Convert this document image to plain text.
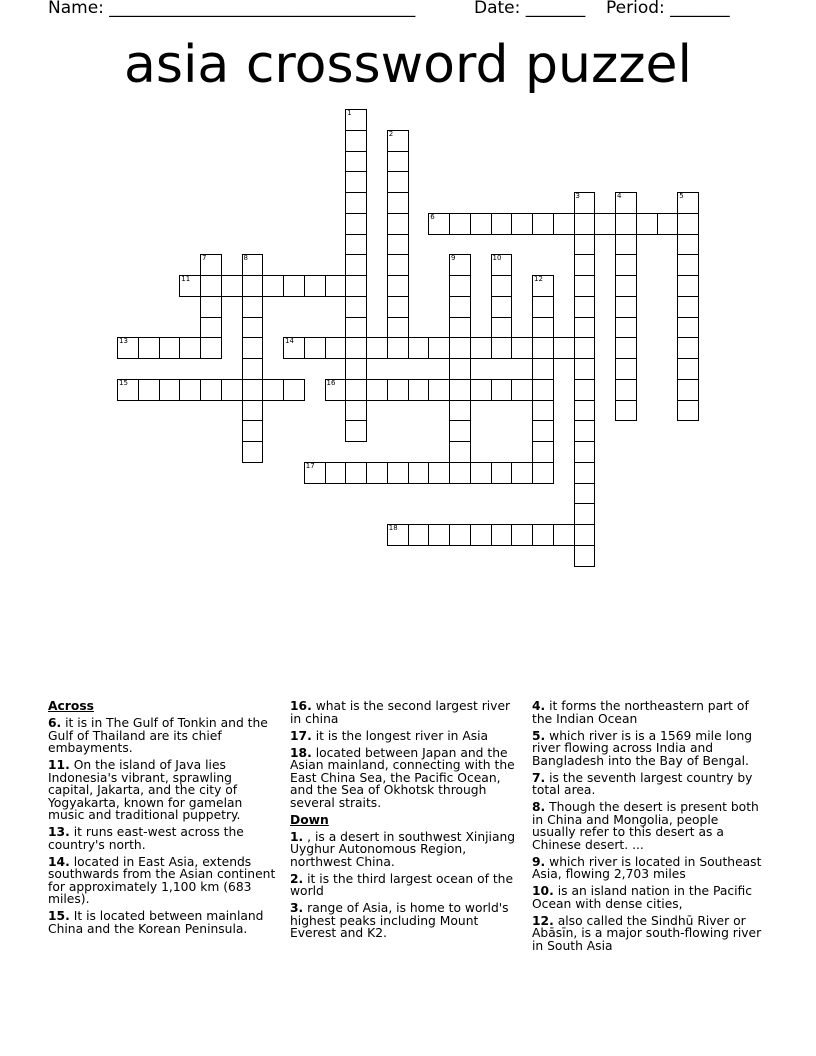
Name: ____________________________________	Date: _______ Period: _______
asia crossword puzzel
1
2
3	4	5
6
7	8	9	10
11	12
13	14
15	16
17
18

Across

6. it is in The Gulf of Tonkin and the Gulf of Thailand are its chief embayments.

11. On the island of Java lies Indonesia's vibrant, sprawling capital, Jakarta, and the city of Yogyakarta, known for gamelan music and traditional puppetry.

13. it runs east-west across the country's north.

14. located in East Asia, extends southwards from the Asian continent for approximately 1,100 km (683 miles).

15. It is located between mainland China and the Korean Peninsula.

16. what is the second largest river in china

17. it is the longest river in Asia

18. located between Japan and the Asian mainland, connecting with the East China Sea, the Pacific Ocean, and the Sea of Okhotsk through several straits.

Down

1. , is a desert in southwest Xinjiang Uyghur Autonomous Region, northwest China.

2. it is the third largest ocean of the world

3. range of Asia, is home to world's highest peaks including Mount Everest and K2.

4. it forms the northeastern part of the Indian Ocean

5. which river is is a 1569 mile long river flowing across India and Bangladesh into the Bay of Bengal.

7. is the seventh largest country by total area.

8. Though the desert is present both in China and Mongolia, people usually refer to this desert as a Chinese desert. ...

9. which river is located in Southeast Asia, flowing 2,703 miles

10. is an island nation in the Pacific Ocean with dense cities,

12. also called the Sindhū River or Abāsīn, is a major south-flowing river in South Asia
